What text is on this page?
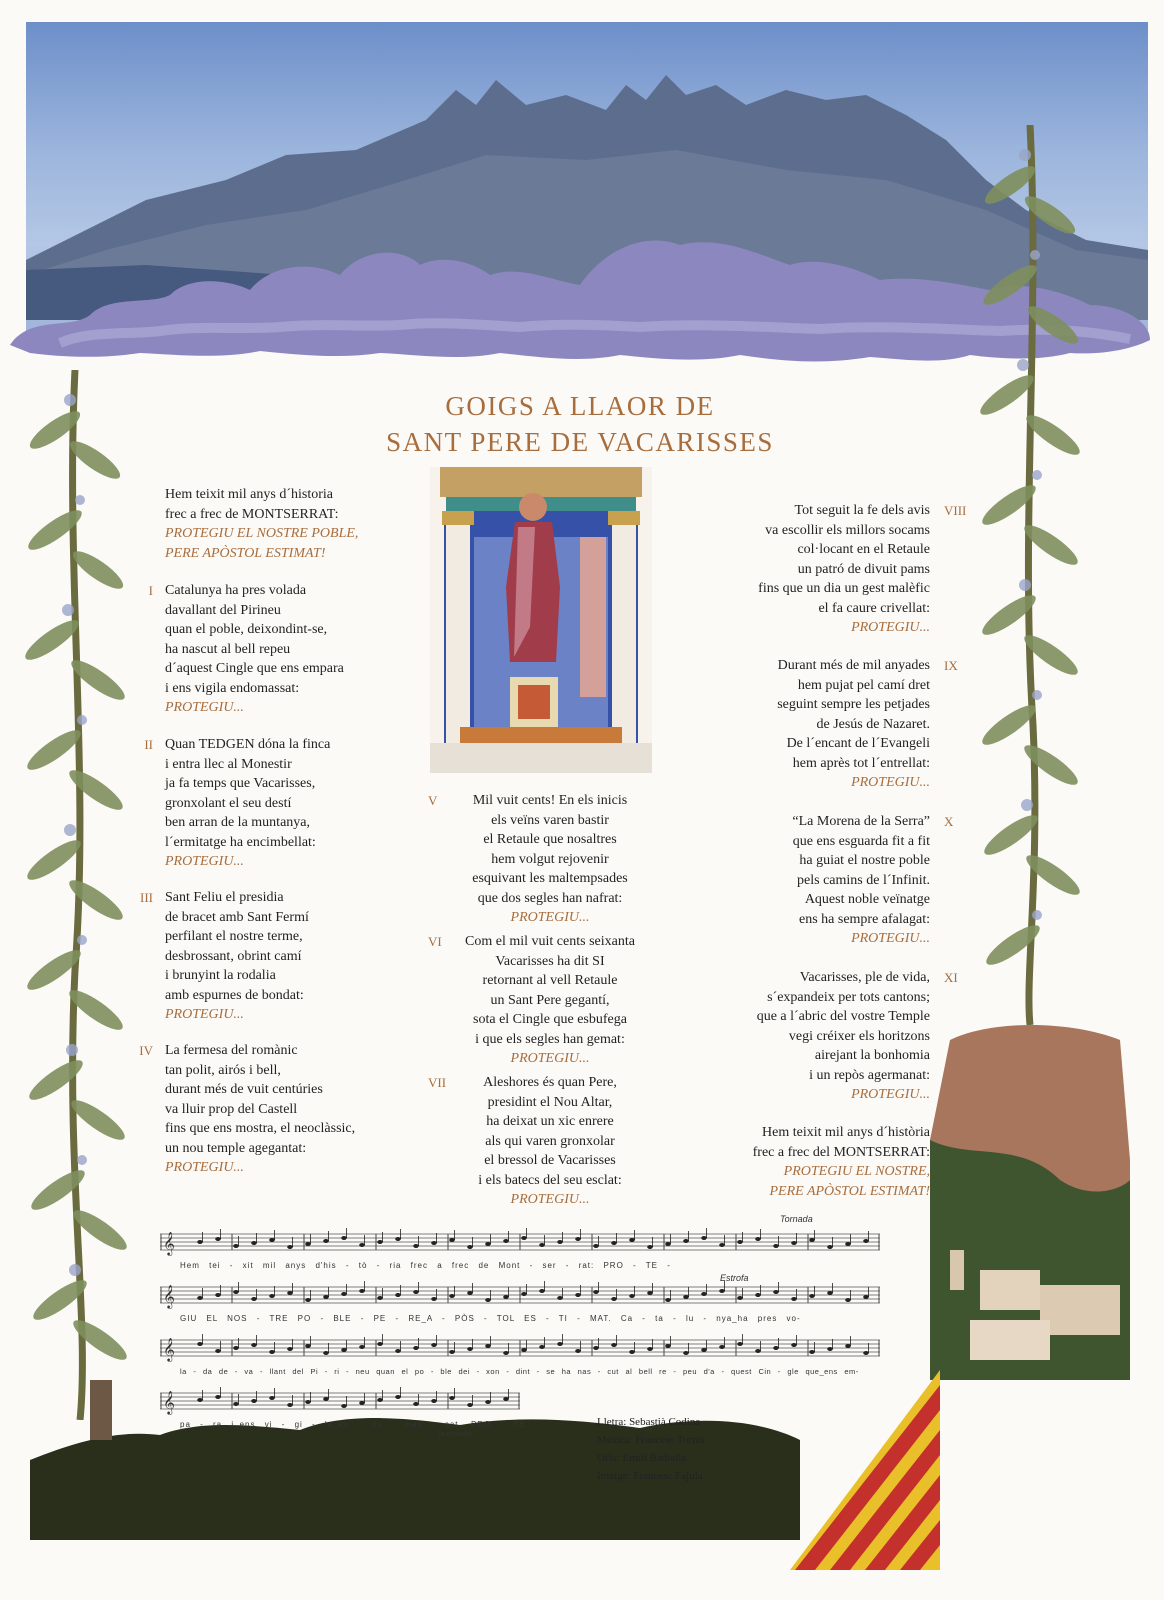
GOIGS A LLAOR DE
SANT PERE DE VACARISSES
Hem teixit mil anys d´historia
frec a frec de MONTSERRAT:
PROTEGIU EL NOSTRE POBLE,
PERE APÒSTOL ESTIMAT!
I Catalunya ha pres volada
davallant del Pirineu
quan el poble, deixondint-se,
ha nascut al bell repeu
d´aquest Cingle que ens empara
i ens vigila endomassat:
PROTEGIU...
II Quan TEDGEN dóna la finca
i entra llec al Monestir
ja fa temps que Vacarisses,
gronxolant el seu destí
ben arran de la muntanya,
l´ermitatge ha encimbellat:
PROTEGIU...
III Sant Feliu el presidia
de bracet amb Sant Fermí
perfilant el nostre terme,
desbrossant, obrint camí
i brunyint la rodalia
amb espurnes de bondat:
PROTEGIU...
IV La fermesa del romànic
tan polit, airós i bell,
durant més de vuit centúries
va lluir prop del Castell
fins que ens mostra, el neoclàssic,
un nou temple agegantat:
PROTEGIU...
V	Mil vuit cents! En els inicis
els veïns varen bastir
el Retaule que nosaltres
hem volgut rejovenir
esquivant les maltempsades
que dos segles han nafrat:
PROTEGIU...
VI	Com el mil vuit cents seixanta
Vacarisses ha dit SI
retornant al vell Retaule
un Sant Pere gegantí,
sota el Cingle que esbufega
i que els segles han gemat:
PROTEGIU...
VII	Aleshores és quan Pere,
presidint el Nou Altar,
ha deixat un xic enrere
als qui varen gronxolar
el bressol de Vacarisses
i els batecs del seu esclat:
PROTEGIU...
VIII
Tot seguit la fe dels avis
va escollir els millors socams
col·locant en el Retaule
un patró de divuit pams
fins que un dia un gest malèfic
el fa caure crivellat:
PROTEGIU...
IX
Durant més de mil anyades
hem pujat pel camí dret
seguint sempre les petjades
de Jesús de Nazaret.
De l´encant de l´Evangeli
hem après tot l´entrellat:
PROTEGIU...
X
“La Morena de la Serra”
que ens esguarda fit a fit
ha guiat el nostre poble
pels camins de l´Infinit.
Aquest noble veïnatge
ens ha sempre afalagat:
PROTEGIU...
XI
Vacarisses, ple de vida,
s´expandeix per tots cantons;
que a l´abric del vostre Temple
vegi créixer els horitzons
airejant la bonhomia
i un repòs agermanat:
PROTEGIU...
Hem teixit mil anys d´història
frec a frec del MONTSERRAT:
PROTEGIU EL NOSTRE,
PERE APÒSTOL ESTIMAT!
𝄞
Tornada
Hem tei - xit mil anys d'his - tò - ria frec a frec de Mont - ser - rat: PRO - TE -
𝄞
Estrofa
GIU EL NOS - TRE PO - BLE - PE - RE_A - PÒS - TOL ES - TI - MAT. Ca - ta - lu - nya_ha pres vo-
𝄞
la - da de - va - llant del Pi - ri - neu quan el po - ble dei - xon - dint - se ha nas - cut al bell re - peu d'a - quest Cin - gle que_ens em-
𝄞
pa - ra i_ens vi - gi - la_en - do - mas - sat. PRO - TE -
(a tornada)
Lletra: Sebastià Codina
Música: Francesc Torras
Orla: Emili Badiella
Imatge: Francesc Fajula
